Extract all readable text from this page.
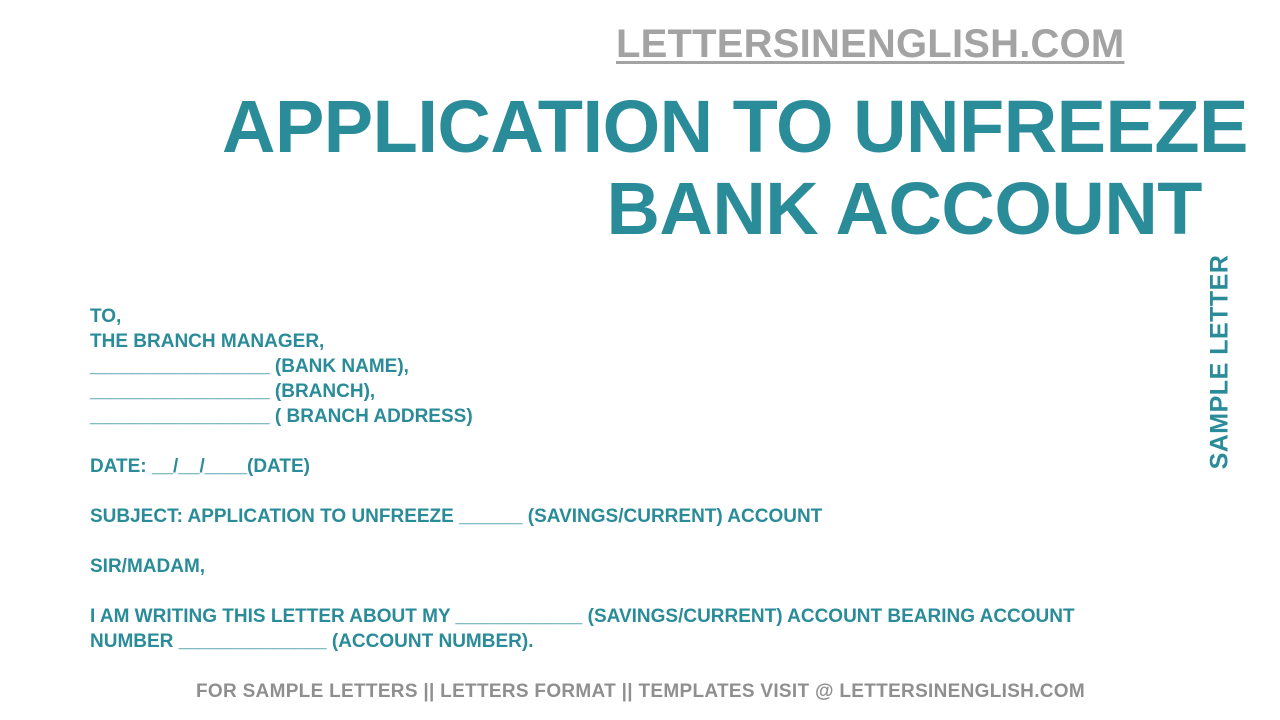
LETTERSINENGLISH.COM
APPLICATION TO UNFREEZE
BANK ACCOUNT
SAMPLE LETTER
TO,
THE BRANCH MANAGER,
_________________ (BANK NAME),
_________________ (BRANCH),
_________________ ( BRANCH ADDRESS)
DATE: __/__/____(DATE)
SUBJECT: APPLICATION TO UNFREEZE ______ (SAVINGS/CURRENT) ACCOUNT
SIR/MADAM,
I AM WRITING THIS LETTER ABOUT MY ____________ (SAVINGS/CURRENT) ACCOUNT BEARING ACCOUNT
NUMBER ______________ (ACCOUNT NUMBER).
FOR SAMPLE LETTERS || LETTERS FORMAT || TEMPLATES VISIT @ LETTERSINENGLISH.COM
